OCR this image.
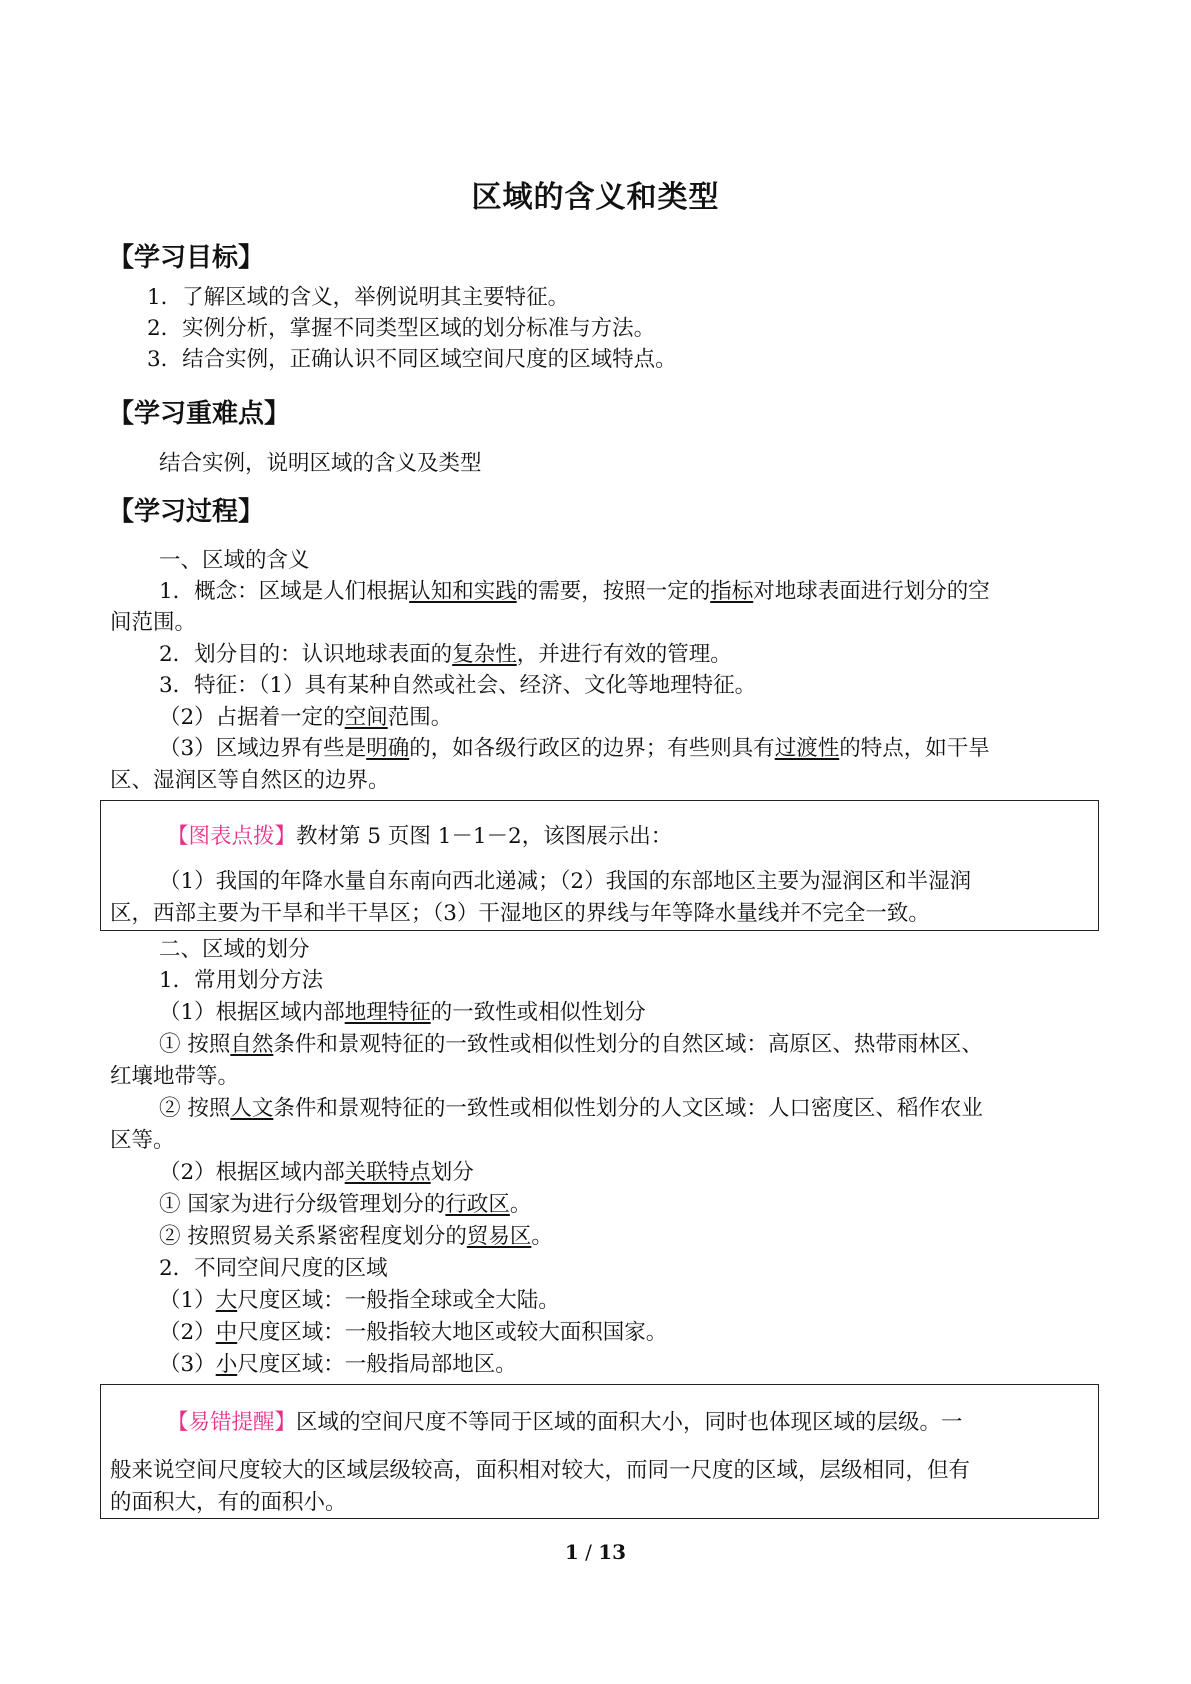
区域的含义和类型
【学习目标】
1．了解区域的含义，举例说明其主要特征。
2．实例分析，掌握不同类型区域的划分标准与方法。
3．结合实例，正确认识不同区域空间尺度的区域特点。
【学习重难点】
结合实例，说明区域的含义及类型
【学习过程】
一、区域的含义
1．概念：区域是人们根据认知和实践的需要，按照一定的指标对地球表面进行划分的空
间范围。
2．划分目的：认识地球表面的复杂性，并进行有效的管理。
3．特征：（1）具有某种自然或社会、经济、文化等地理特征。
（2）占据着一定的空间范围。
（3）区域边界有些是明确的，如各级行政区的边界；有些则具有过渡性的特点，如干旱
区、湿润区等自然区的边界。
【图表点拨】教材第 5 页图 1－1－2，该图展示出：
（1）我国的年降水量自东南向西北递减；（2）我国的东部地区主要为湿润区和半湿润
区，西部主要为干旱和半干旱区；（3）干湿地区的界线与年等降水量线并不完全一致。
二、区域的划分
1．常用划分方法
（1）根据区域内部地理特征的一致性或相似性划分
① 按照自然条件和景观特征的一致性或相似性划分的自然区域：高原区、热带雨林区、
红壤地带等。
② 按照人文条件和景观特征的一致性或相似性划分的人文区域：人口密度区、稻作农业
区等。
（2）根据区域内部关联特点划分
① 国家为进行分级管理划分的行政区。
② 按照贸易关系紧密程度划分的贸易区。
2．不同空间尺度的区域
（1）大尺度区域：一般指全球或全大陆。
（2）中尺度区域：一般指较大地区或较大面积国家。
（3）小尺度区域：一般指局部地区。
【易错提醒】区域的空间尺度不等同于区域的面积大小，同时也体现区域的层级。一
般来说空间尺度较大的区域层级较高，面积相对较大，而同一尺度的区域，层级相同，但有
的面积大，有的面积小。
1 / 13
